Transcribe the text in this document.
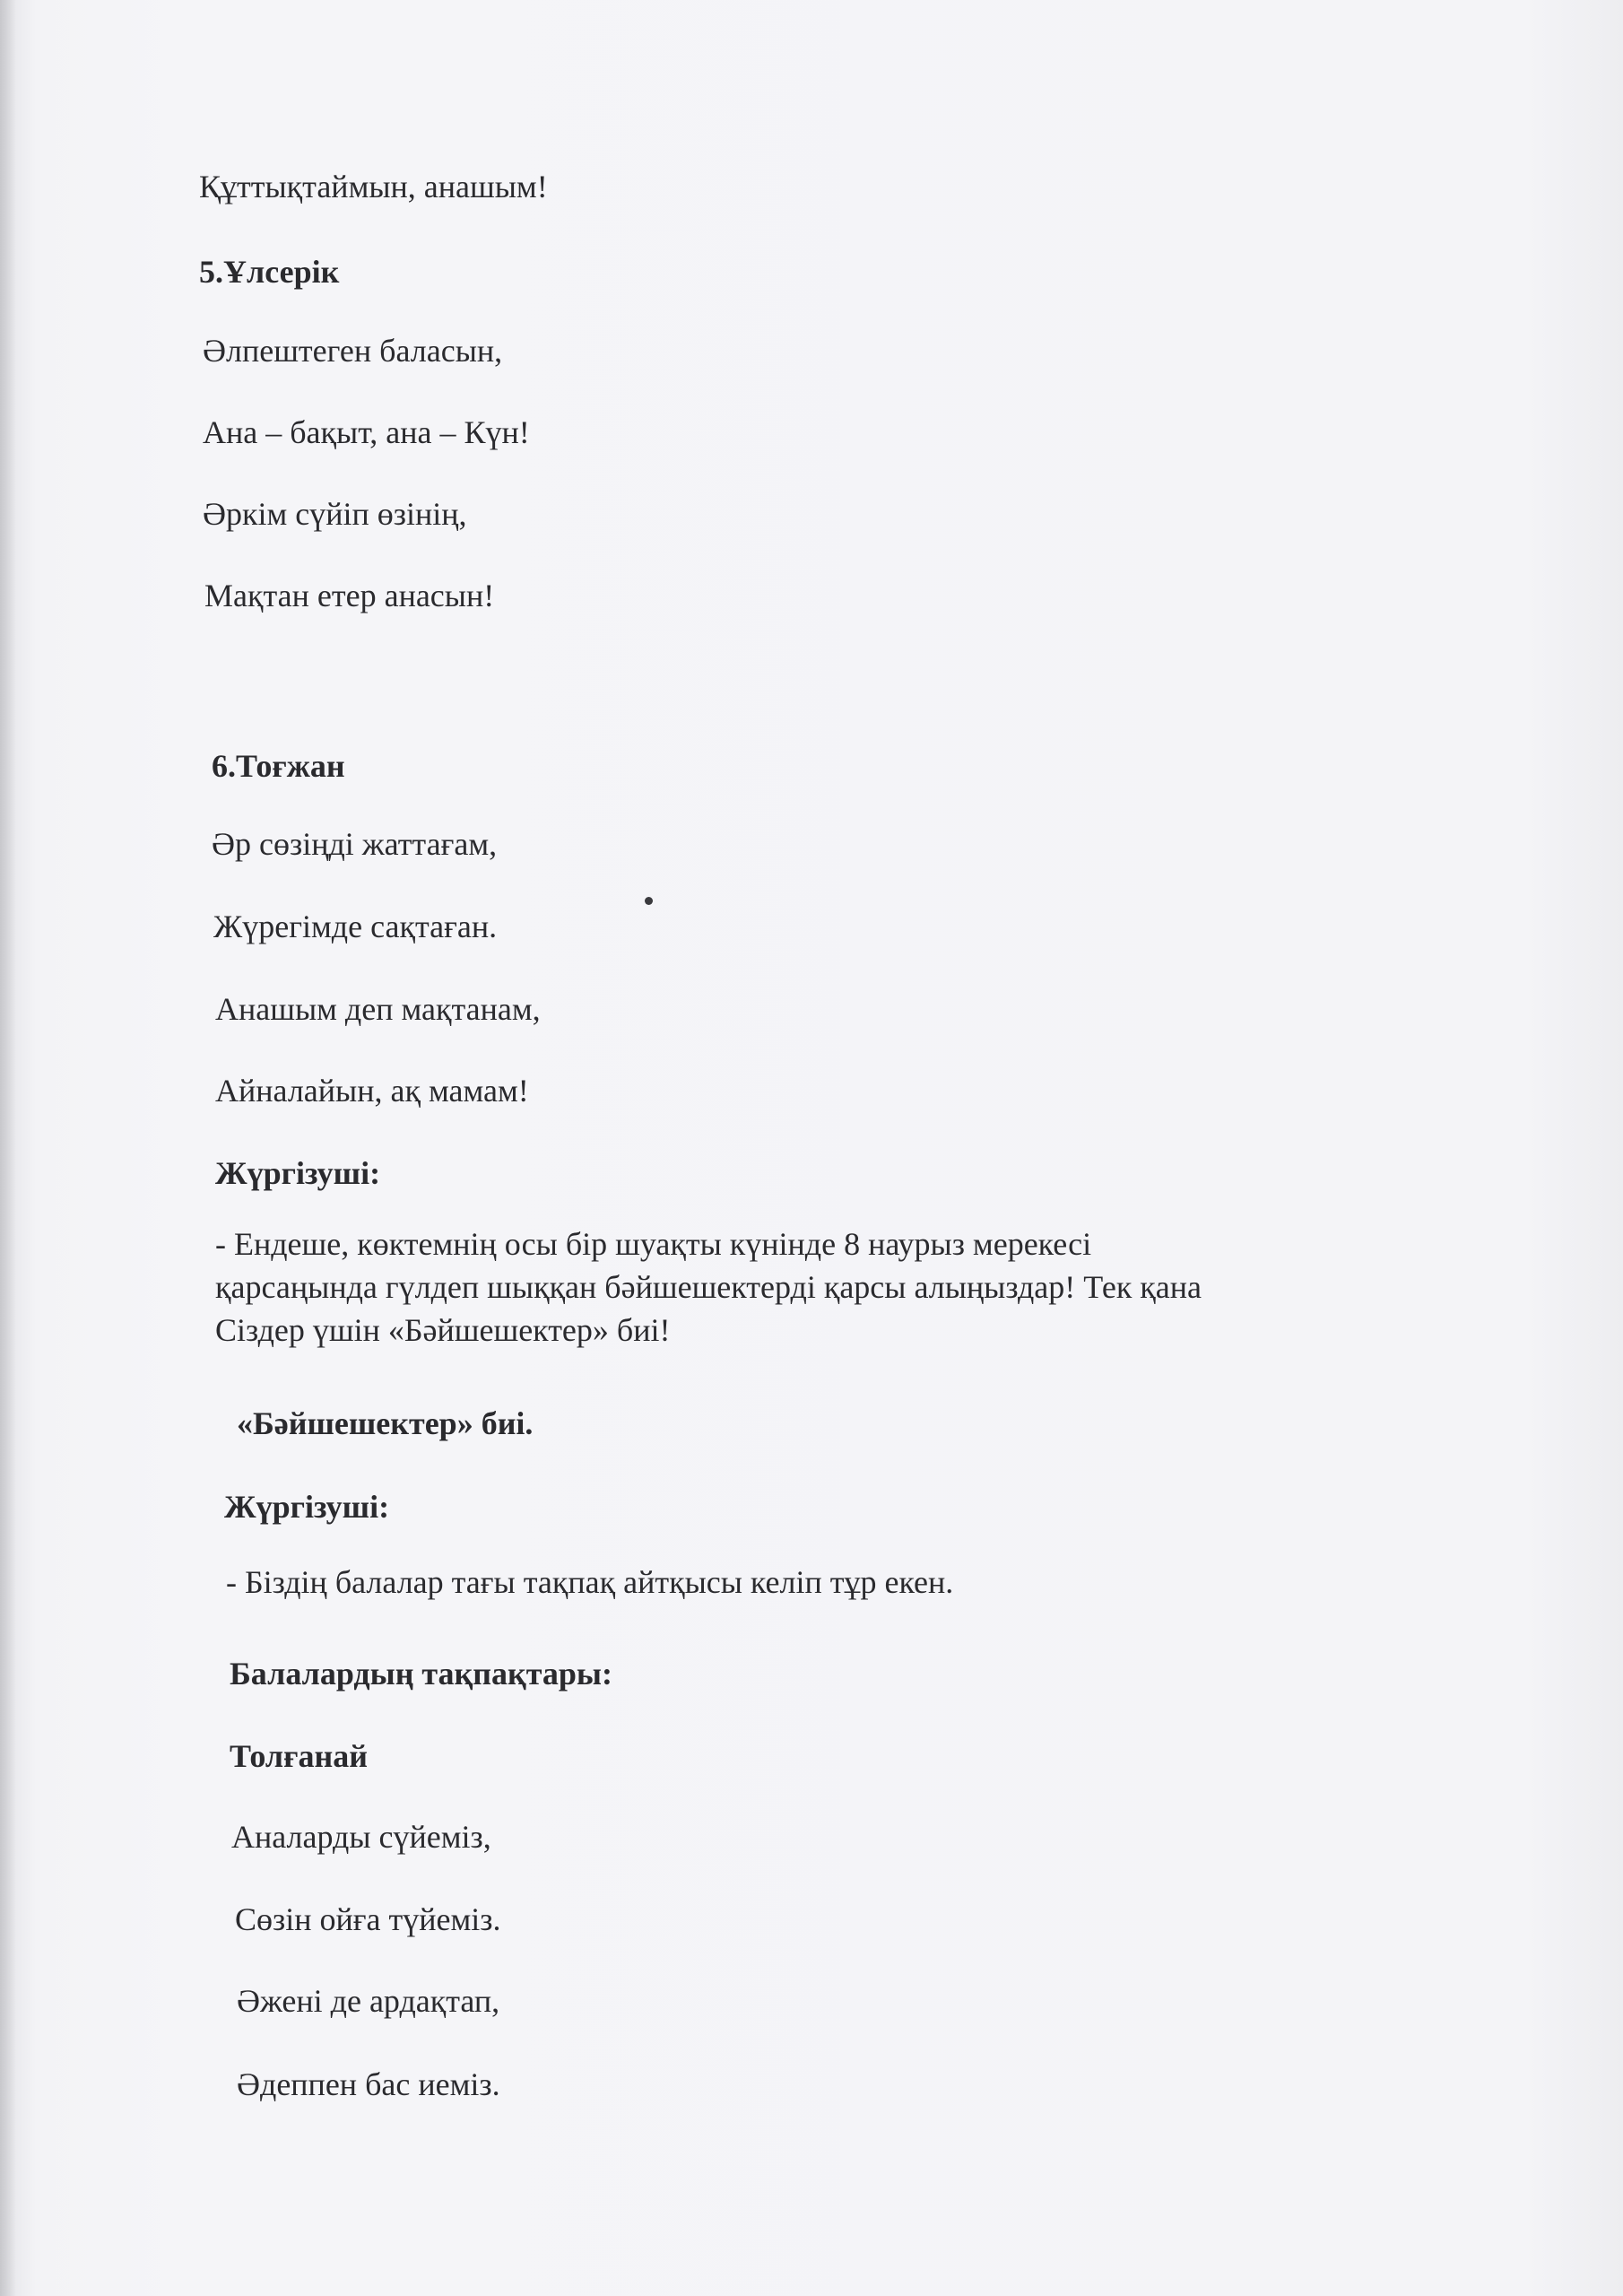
Құттықтаймын, анашым!
5.Ұлсерік
Әлпештеген баласын,
Ана – бақыт, ана – Күн!
Әркім сүйіп өзінің,
Мақтан етер анасын!
6.Тоғжан
Әр сөзіңді жаттағам,
Жүрегімде сақтаған.
Анашым деп мақтанам,
Айналайын, ақ мамам!
Жүргізуші:
- Ендеше, көктемнің осы бір шуақты күнінде 8 наурыз мерекесі
қарсаңында гүлдеп шыққан бәйшешектерді қарсы алыңыздар! Тек қана
Сіздер үшін «Бәйшешектер» биі!
«Бәйшешектер» биі.
Жүргізуші:
- Біздің балалар тағы тақпақ айтқысы келіп тұр екен.
Балалардың тақпақтары:
Толғанай
Аналарды сүйеміз,
Сөзін ойға түйеміз.
Әжені де ардақтап,
Әдеппен бас иеміз.
